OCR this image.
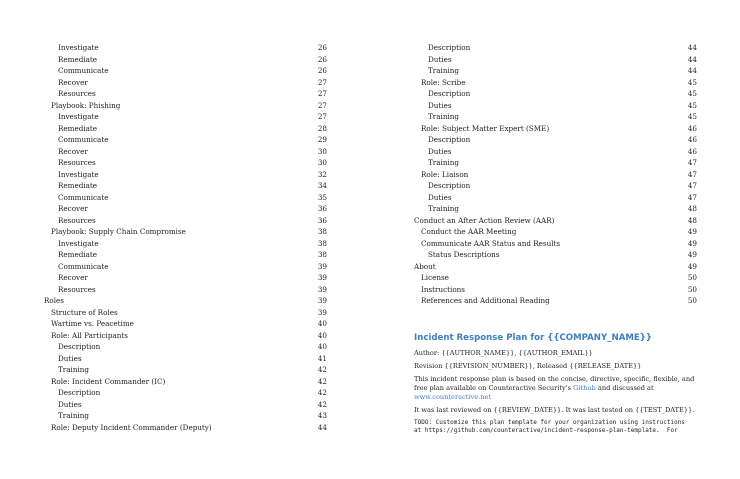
Investigate	26
Remediate	26
Communicate	26
Recover	27
Resources	27
Playbook: Phishing	27
Investigate	27
Remediate	28
Communicate	29
Recover	30
Resources	30
Investigate	32
Remediate	34
Communicate	35
Recover	36
Resources	36
Playbook: Supply Chain Compromise	38
Investigate	38
Remediate	38
Communicate	39
Recover	39
Resources	39
Roles	39
Structure of Roles	39
Wartime vs. Peacetime	40
Role: All Participants	40
Description	40
Duties	41
Training	42
Role: Incident Commander (IC)	42
Description	42
Duties	42
Training	43
Role: Deputy Incident Commander (Deputy)	44
Description	44
Duties	44
Training	44
Role: Scribe	45
Description	45
Duties	45
Training	45
Role: Subject Matter Expert (SME)	46
Description	46
Duties	46
Training	47
Role: Liaison	47
Description	47
Duties	47
Training	48
Conduct an After Action Review (AAR)	48
Conduct the AAR Meeting	49
Communicate AAR Status and Results	49
Status Descriptions	49
About	49
License	50
Instructions	50
References and Additional Reading	50
Incident Response Plan for {{COMPANY_NAME}}

Author: {{AUTHOR_NAME}}, {{AUTHOR_EMAIL}}

Revision {{REVISION_NUMBER}}, Released {{RELEASE_DATE}}

This incident response plan is based on the concise, directive, specific, flexible, and free plan available on Counteractive Security's Github and discussed at www.counteractive.net

It was last reviewed on {{REVIEW_DATE}}. It was last tested on {{TEST_DATE}}.

TODO: Customize this plan template for your organization using instructions
at https://github.com/counteractive/incident-response-plan-template.  For
